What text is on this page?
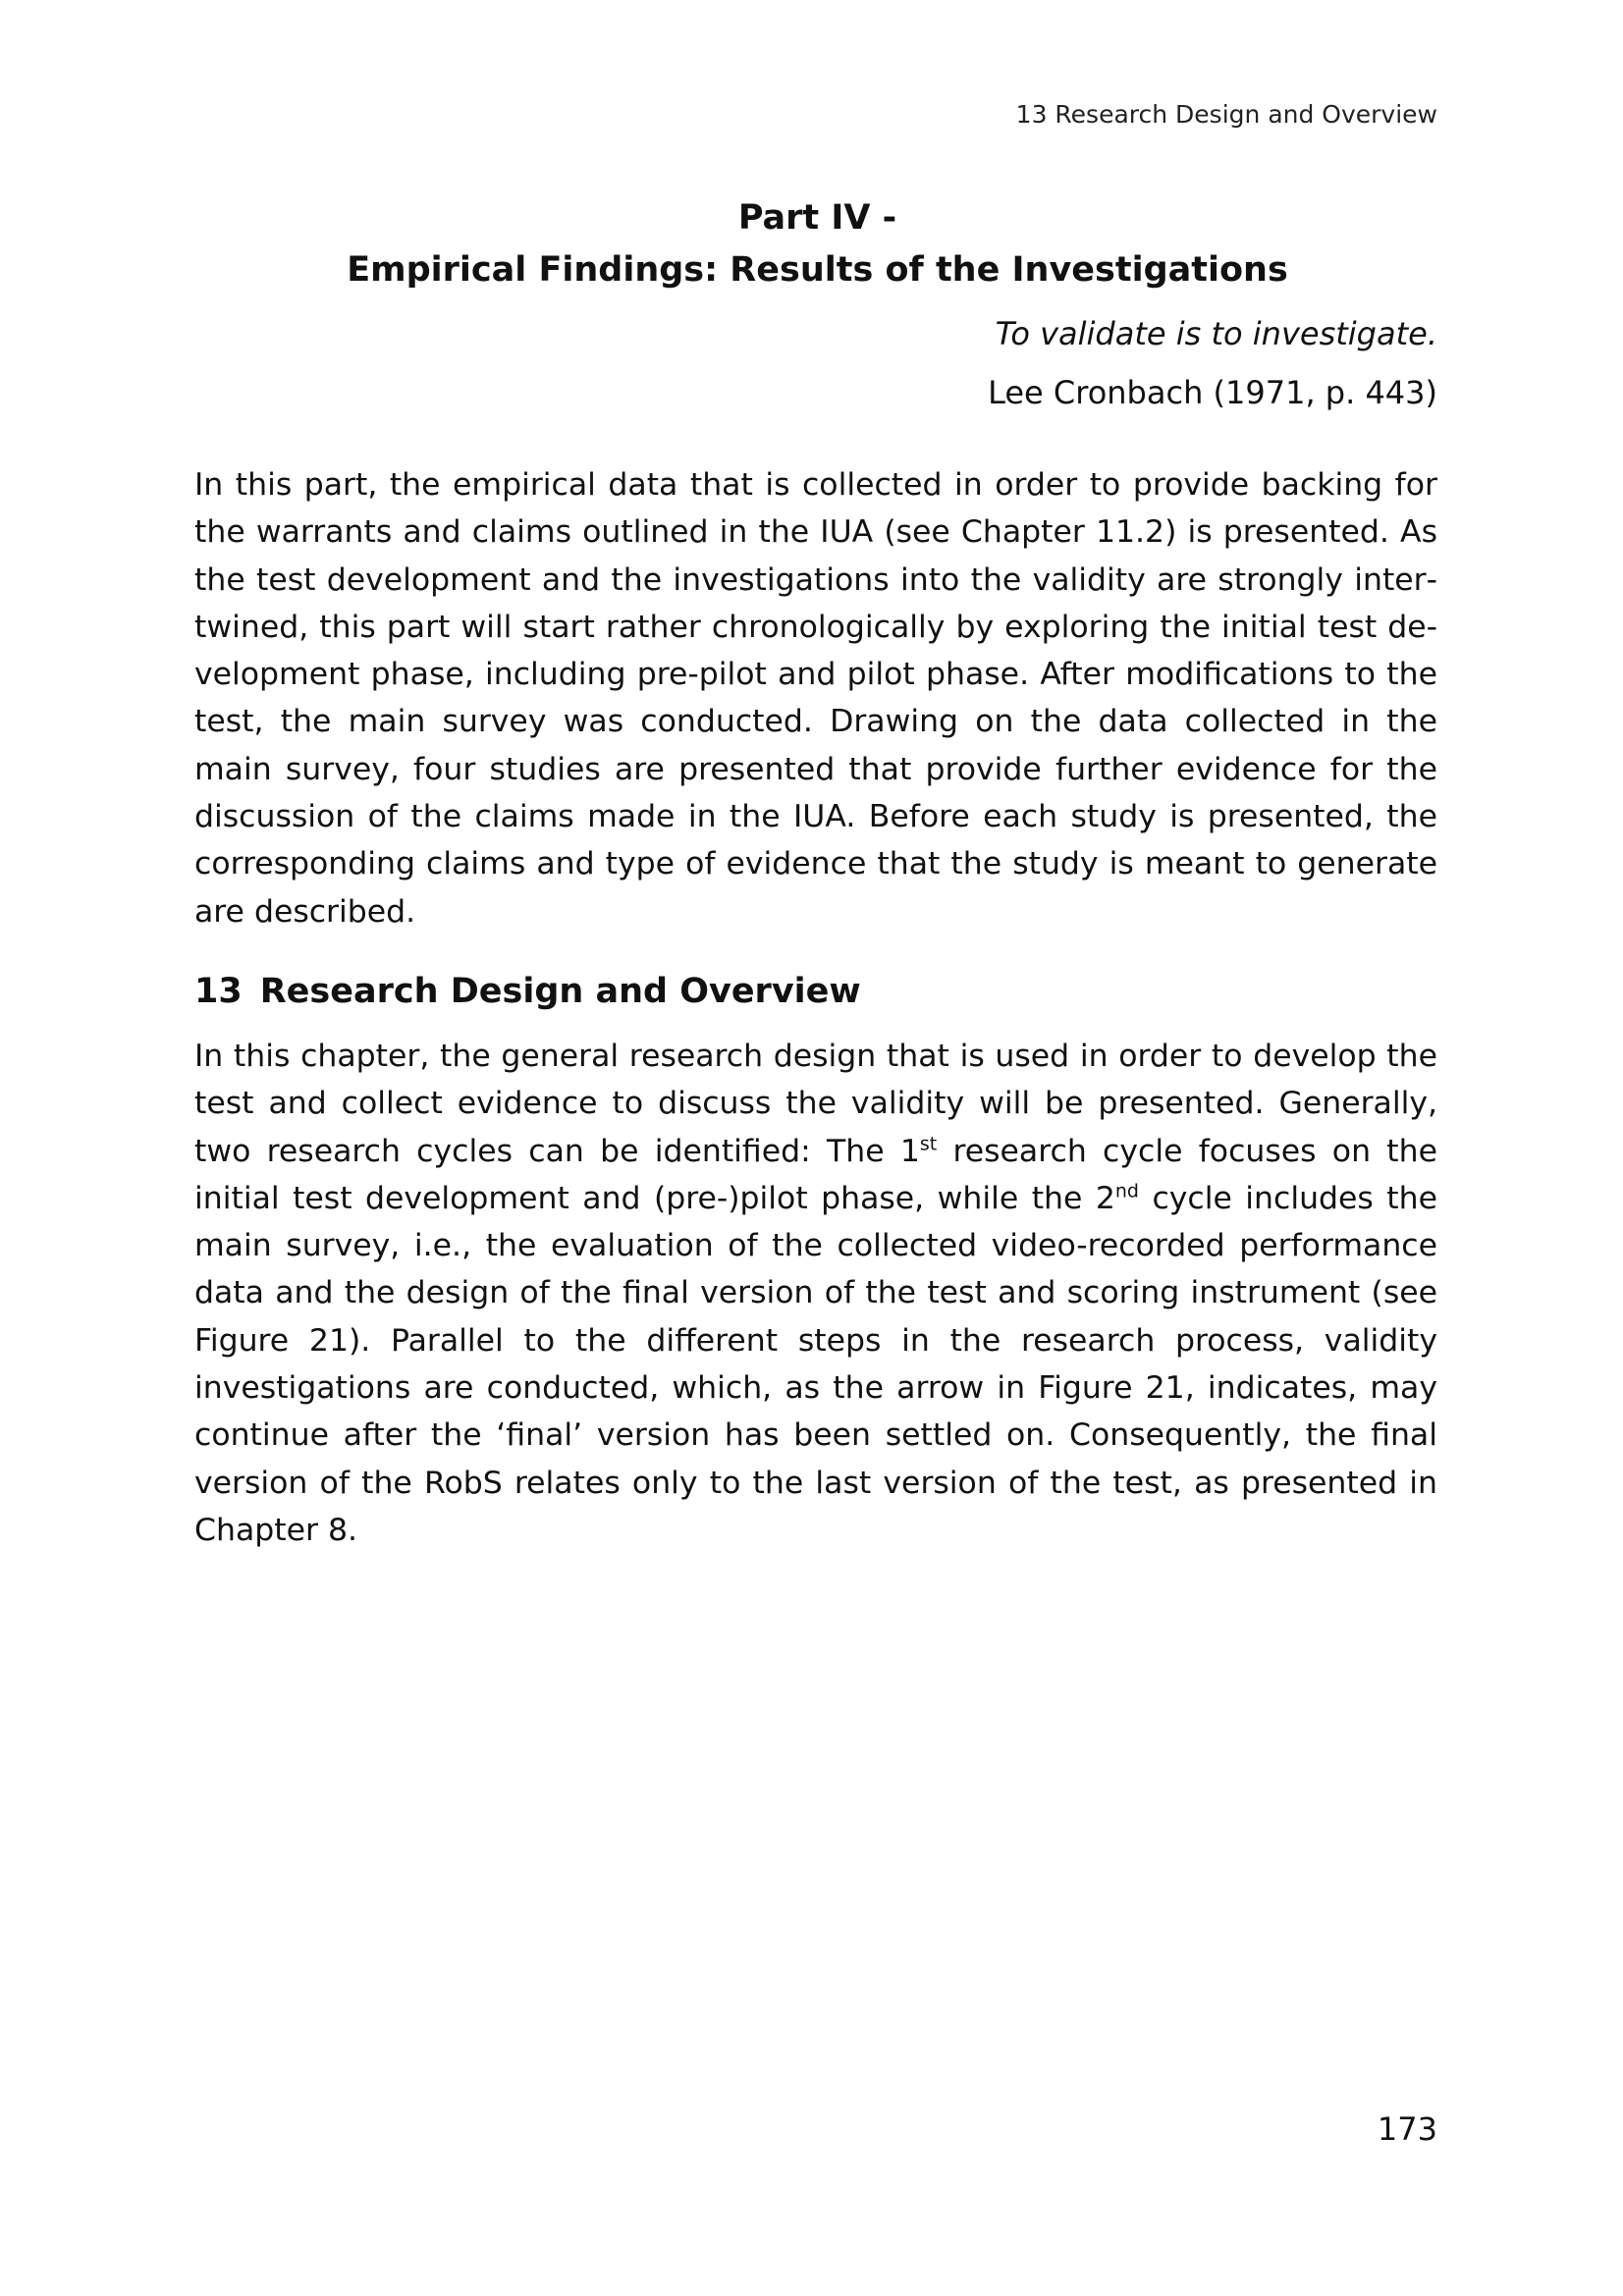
13 Research Design and Overview
Part IV -
Empirical Findings: Results of the Investigations
To validate is to investigate.
Lee Cronbach (1971, p. 443)

In this part, the empirical data that is collected in order to provide backing for the warrants and claims outlined in the IUA (see Chapter 11.2) is presented. As the test development and the investigations into the validity are strongly intertwined, this part will start rather chronologically by exploring the initial test development phase, including pre-pilot and pilot phase. After modifications to the test, the main survey was conducted. Drawing on the data collected in the main survey, four studies are presented that provide further evidence for the discussion of the claims made in the IUA. Before each study is presented, the corresponding claims and type of evidence that the study is meant to generate are described.

13 Research Design and Overview

In this chapter, the general research design that is used in order to develop the test and collect evidence to discuss the validity will be presented. Generally, two research cycles can be identified: The 1st research cycle focuses on the initial test development and (pre-)pilot phase, while the 2nd cycle includes the main survey, i.e., the evaluation of the collected video-recorded performance data and the design of the final version of the test and scoring instrument (see Figure 21). Parallel to the different steps in the research process, validity investigations are conducted, which, as the arrow in Figure 21, indicates, may continue after the ‘final’ version has been settled on. Consequently, the final version of the RobS relates only to the last version of the test, as presented in Chapter 8.

173
